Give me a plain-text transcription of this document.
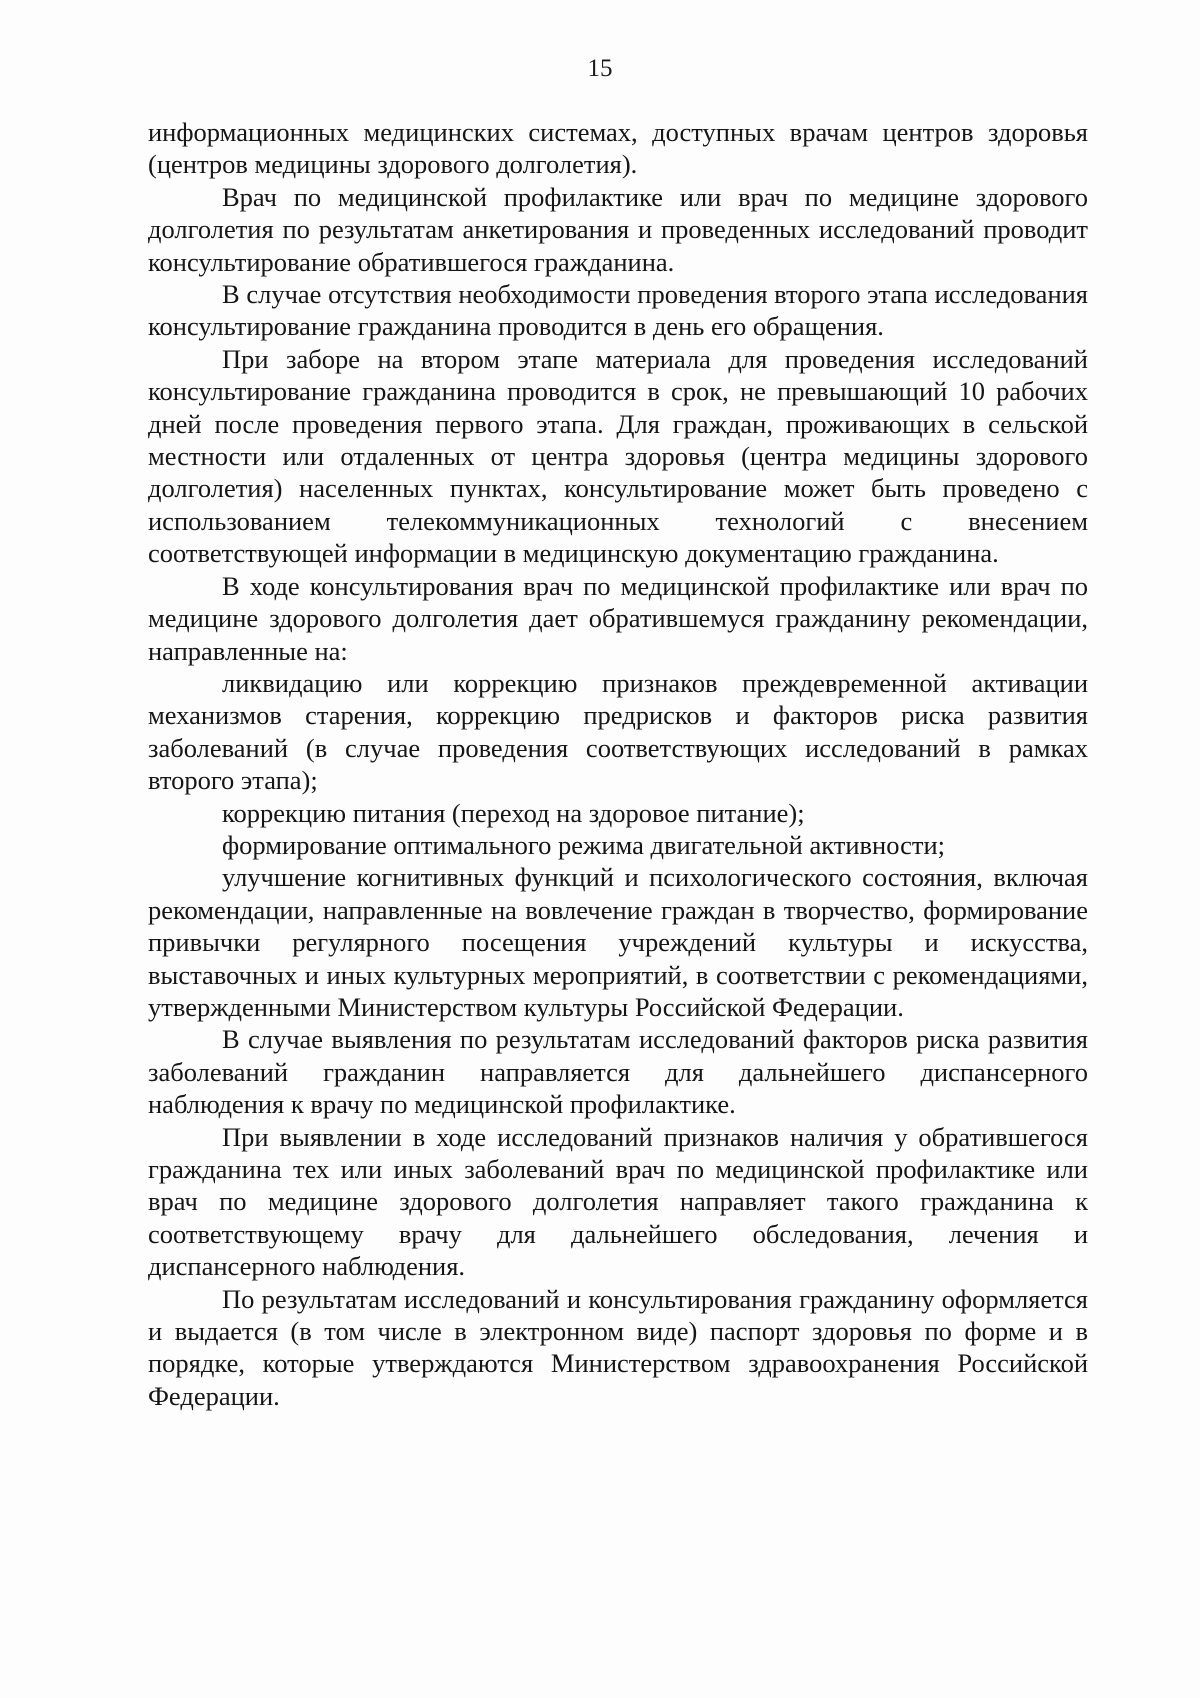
15

информационных медицинских системах, доступных врачам центров здоровья (центров медицины здорового долголетия).

Врач по медицинской профилактике или врач по медицине здорового долголетия по результатам анкетирования и проведенных исследований проводит консультирование обратившегося гражданина.

В случае отсутствия необходимости проведения второго этапа исследования консультирование гражданина проводится в день его обращения.

При заборе на втором этапе материала для проведения исследований консультирование гражданина проводится в срок, не превышающий 10 рабочих дней после проведения первого этапа. Для граждан, проживающих в сельской местности или отдаленных от центра здоровья (центра медицины здорового долголетия) населенных пунктах, консультирование может быть проведено с использованием телекоммуникационных технологий с внесением соответствующей информации в медицинскую документацию гражданина.

В ходе консультирования врач по медицинской профилактике или врач по медицине здорового долголетия дает обратившемуся гражданину рекомендации, направленные на:

ликвидацию или коррекцию признаков преждевременной активации механизмов старения, коррекцию предрисков и факторов риска развития заболеваний (в случае проведения соответствующих исследований в рамках второго этапа);

коррекцию питания (переход на здоровое питание);

формирование оптимального режима двигательной активности;

улучшение когнитивных функций и психологического состояния, включая рекомендации, направленные на вовлечение граждан в творчество, формирование привычки регулярного посещения учреждений культуры и искусства, выставочных и иных культурных мероприятий, в соответствии с рекомендациями, утвержденными Министерством культуры Российской Федерации.

В случае выявления по результатам исследований факторов риска развития заболеваний гражданин направляется для дальнейшего диспансерного наблюдения к врачу по медицинской профилактике.

При выявлении в ходе исследований признаков наличия у обратившегося гражданина тех или иных заболеваний врач по медицинской профилактике или врач по медицине здорового долголетия направляет такого гражданина к соответствующему врачу для дальнейшего обследования, лечения и диспансерного наблюдения.

По результатам исследований и консультирования гражданину оформляется и выдается (в том числе в электронном виде) паспорт здоровья по форме и в порядке, которые утверждаются Министерством здравоохранения Российской Федерации.
